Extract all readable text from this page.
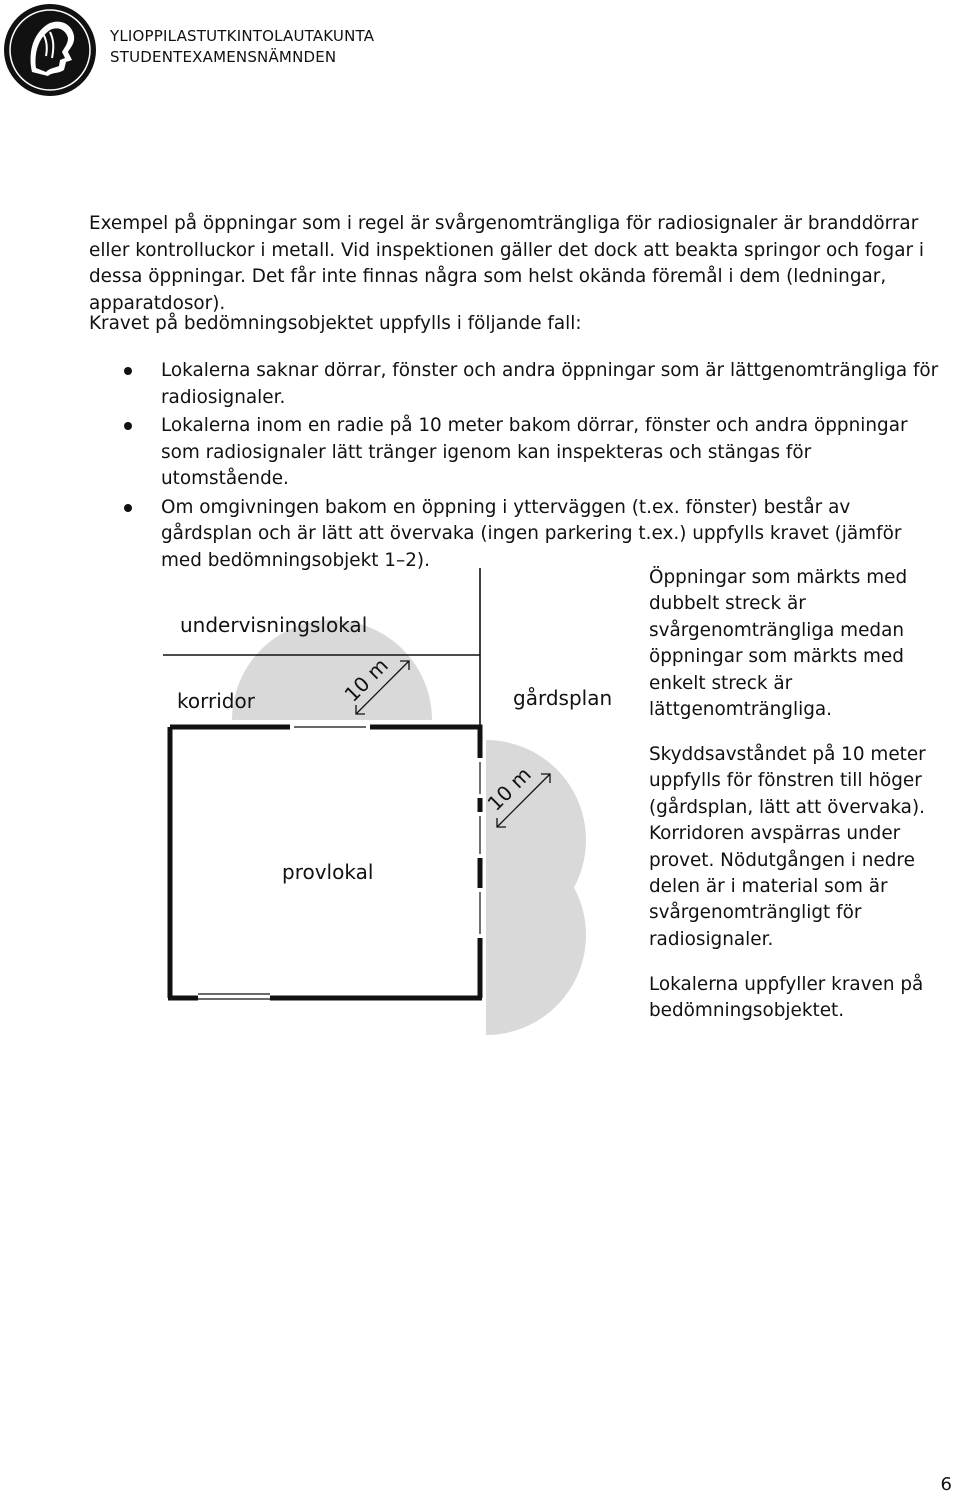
YLIOPPILASTUTKINTOLAUTAKUNTA
STUDENTEXAMENSNÄMNDEN
Exempel på öppningar som i regel är svårgenomträngliga för radiosignaler är branddörrar eller kontrolluckor i metall. Vid inspektionen gäller det dock att beakta springor och fogar i dessa öppningar. Det får inte finnas några som helst okända föremål i dem (ledningar, apparatdosor).
Kravet på bedömningsobjektet uppfylls i följande fall:
Lokalerna saknar dörrar, fönster och andra öppningar som är lättgenomträngliga för radiosignaler.
Lokalerna inom en radie på 10 meter bakom dörrar, fönster och andra öppningar som radiosignaler lätt tränger igenom kan inspekteras och stängas för utomstående.
Om omgivningen bakom en öppning i ytterväggen (t.ex. fönster) består av gårdsplan och är lätt att övervaka (ingen parkering t.ex.) uppfylls kravet (jämför med bedömningsobjekt 1–2).
undervisningslokal
korridor	gårdsplan
provlokal
10 m
10 m
Öppningar som märkts med dubbelt streck är svårgenomträngliga medan öppningar som märkts med enkelt streck är lättgenomträngliga.
Skyddsavståndet på 10 meter uppfylls för fönstren till höger (gårdsplan, lätt att övervaka). Korridoren avspärras under provet. Nödutgången i nedre delen är i material som är svårgenomträngligt för radiosignaler.
Lokalerna uppfyller kraven på bedömningsobjektet.
6
